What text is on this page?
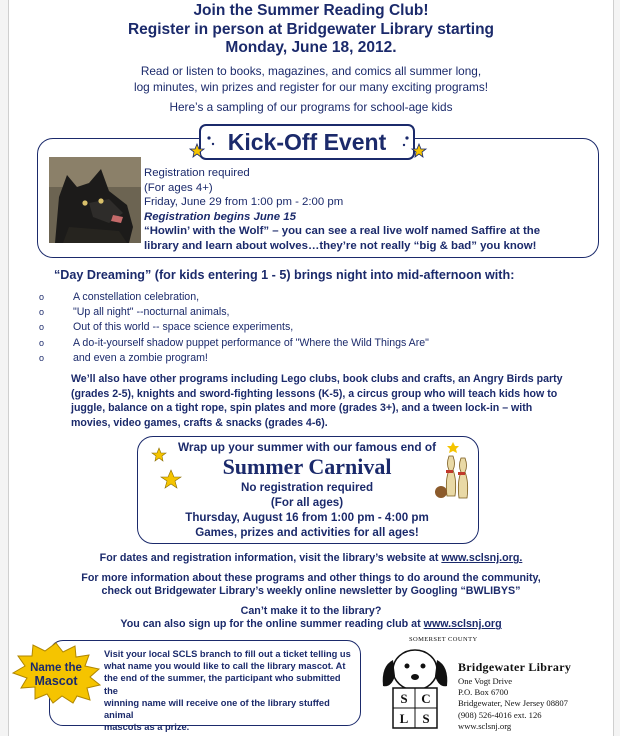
Join the Summer Reading Club!
Register in person at Bridgewater Library starting
Monday, June 18, 2012.
Read or listen to books, magazines, and comics all summer long,
log minutes, win prizes and register for our many exciting programs!
Here’s a sampling of our programs for school-age kids
Kick-Off Event
Registration required
(For ages 4+)
Friday, June 29 from 1:00 pm - 2:00 pm
Registration begins June 15
“Howlin’ with the Wolf” – you can see a real live wolf named Saffire at the
library and learn about wolves…they’re not really “big & bad” you know!
“Day Dreaming” (for kids entering 1 - 5) brings night into mid-afternoon with:
o A constellation celebration,
o "Up all night" --nocturnal animals,
o Out of this world -- space science experiments,
o A do-it-yourself shadow puppet performance of "Where the Wild Things Are"
o and even a zombie program!
We’ll also have other programs including Lego clubs, book clubs and crafts, an Angry Birds party
(grades 2-5), knights and sword-fighting lessons (K-5), a circus group who will teach kids how to
juggle, balance on a tight rope, spin plates and more (grades 3+), and a tween lock-in – with
movies, video games, crafts & snacks (grades 4-6).
Wrap up your summer with our famous end of
Summer Carnival
No registration required
(For all ages)
Thursday, August 16 from 1:00 pm - 4:00 pm
Games, prizes and activities for all ages!
For dates and registration information, visit the library’s website at www.sclsnj.org.
For more information about these programs and other things to do around the community,
check out Bridgewater Library’s weekly online newsletter by Googling “BWLIBYS”
Can’t make it to the library?
You can also sign up for the online summer reading club at www.sclsnj.org
Name the
Mascot
Visit your local SCLS branch to fill out a ticket telling us
what name you would like to call the library mascot. At
the end of the summer, the participant who submitted the
winning name will receive one of the library stuffed animal
mascots as a prize.
SOMERSET COUNTY
S C
L S
Bridgewater Library
One Vogt Drive
P.O. Box 6700
Bridgewater, New Jersey 08807
(908) 526-4016 ext. 126
www.sclsnj.org
